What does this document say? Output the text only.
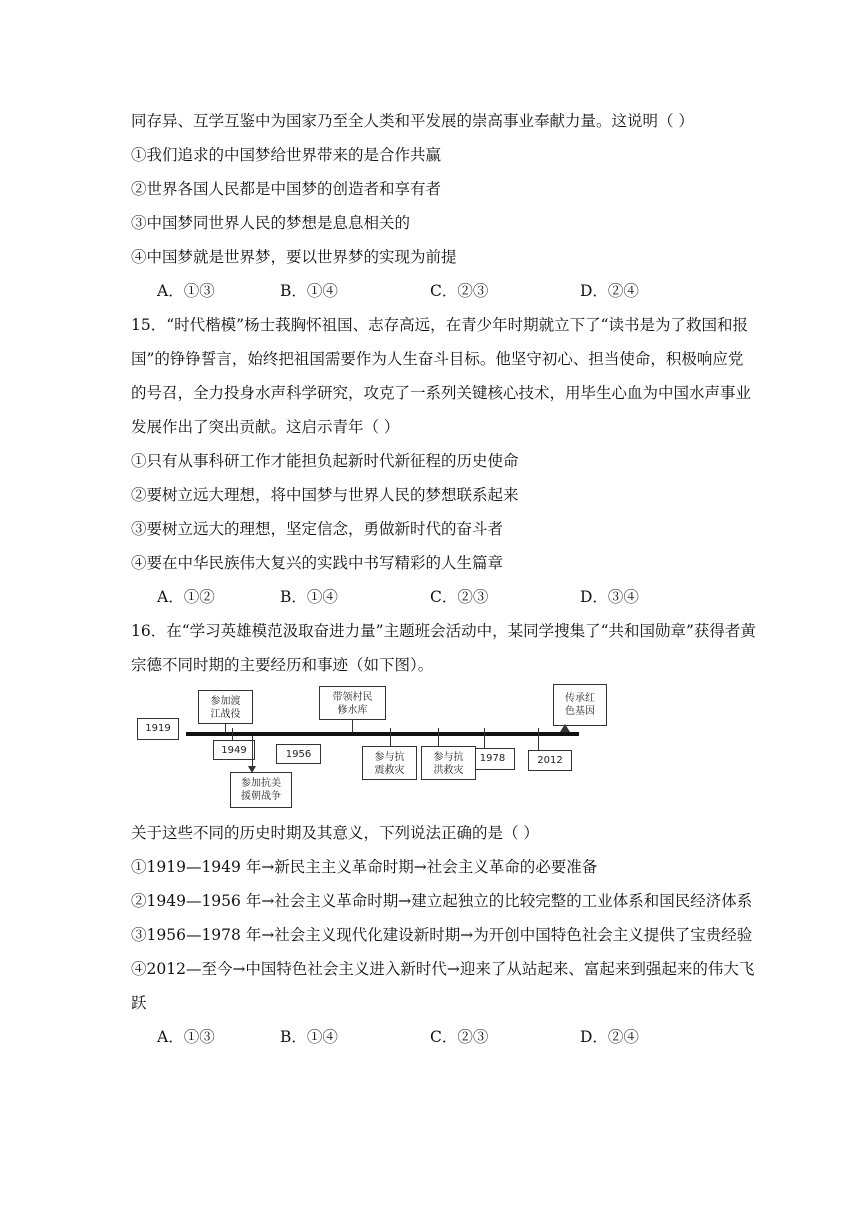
同存异、互学互鉴中为国家乃至全人类和平发展的崇高事业奉献力量。这说明（ ）
①我们追求的中国梦给世界带来的是合作共赢
②世界各国人民都是中国梦的创造者和享有者
③中国梦同世界人民的梦想是息息相关的
④中国梦就是世界梦，要以世界梦的实现为前提
A．①③	B．①④	C．②③	D．②④
15．“时代楷模”杨士莪胸怀祖国、志存高远，在青少年时期就立下了“读书是为了救国和报
国”的铮铮誓言，始终把祖国需要作为人生奋斗目标。他坚守初心、担当使命，积极响应党
的号召，全力投身水声科学研究，攻克了一系列关键核心技术，用毕生心血为中国水声事业
发展作出了突出贡献。这启示青年（ ）
①只有从事科研工作才能担负起新时代新征程的历史使命
②要树立远大理想，将中国梦与世界人民的梦想联系起来
③要树立远大的理想，坚定信念，勇做新时代的奋斗者
④要在中华民族伟大复兴的实践中书写精彩的人生篇章
A．①②	B．①④	C．②③	D．③④
16．在“学习英雄模范汲取奋进力量”主题班会活动中，某同学搜集了“共和国勋章”获得者黄
宗德不同时期的主要经历和事迹（如下图）。
1919
1949	1956	1978	2012
参加渡
江战役
参加抗美
援朝战争
带领村民
修水库
参与抗
震救灾
参与抗
洪救灾
传承红
色基因
关于这些不同的历史时期及其意义，下列说法正确的是（ ）
①1919—1949 年→新民主主义革命时期→社会主义革命的必要准备
②1949—1956 年→社会主义革命时期→建立起独立的比较完整的工业体系和国民经济体系
③1956—1978 年→社会主义现代化建设新时期→为开创中国特色社会主义提供了宝贵经验
④2012—至今→中国特色社会主义进入新时代→迎来了从站起来、富起来到强起来的伟大飞
跃
A．①③	B．①④	C．②③	D．②④
